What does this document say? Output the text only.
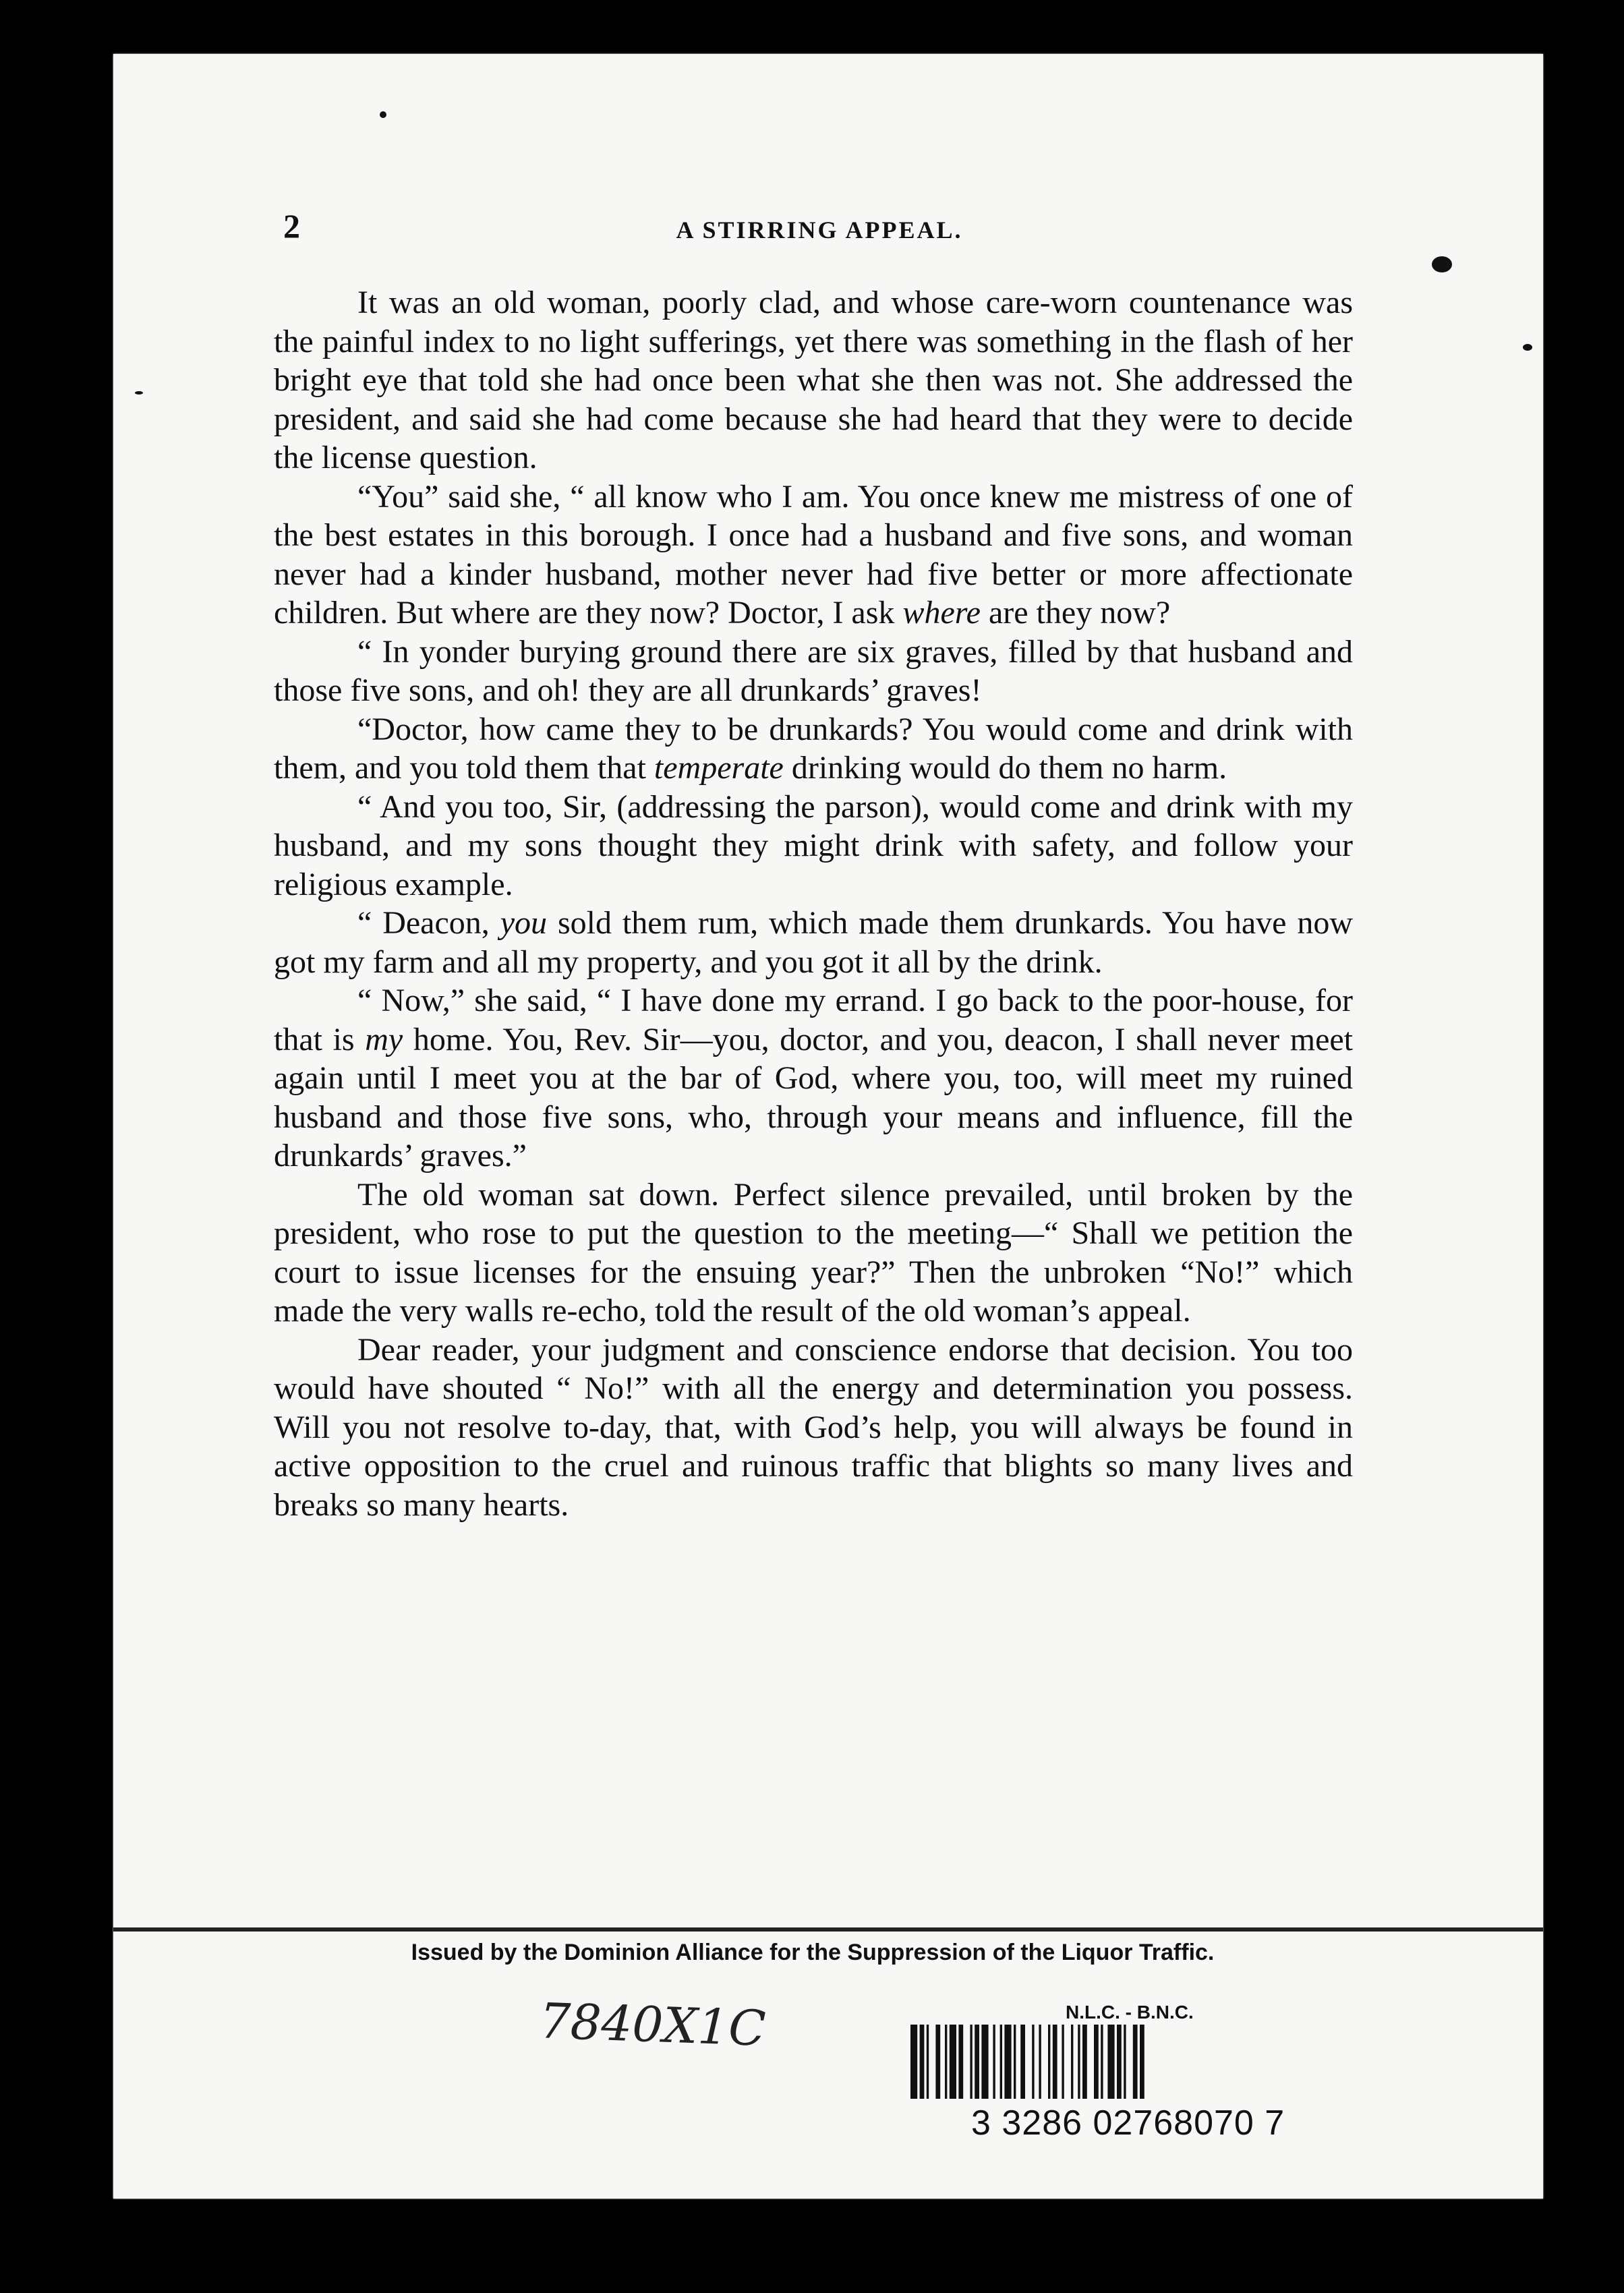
2	A STIRRING APPEAL.

It was an old woman, poorly clad, and whose care-worn countenance was the painful index to no light sufferings, yet there was something in the flash of her bright eye that told she had once been what she then was not. She addressed the president, and said she had come because she had heard that they were to decide the license question.

“You” said she, “ all know who I am. You once knew me mistress of one of the best estates in this borough. I once had a husband and five sons, and woman never had a kinder husband, mother never had five better or more affectionate children. But where are they now? Doctor, I ask where are they now?

“ In yonder burying ground there are six graves, filled by that husband and those five sons, and oh! they are all drunkards’ graves!

“Doctor, how came they to be drunkards? You would come and drink with them, and you told them that temperate drinking would do them no harm.

“ And you too, Sir, (addressing the parson), would come and drink with my husband, and my sons thought they might drink with safety, and follow your religious example.

“ Deacon, you sold them rum, which made them drunkards. You have now got my farm and all my property, and you got it all by the drink.

“ Now,” she said, “ I have done my errand. I go back to the poor-house, for that is my home. You, Rev. Sir—you, doctor, and you, deacon, I shall never meet again until I meet you at the bar of God, where you, too, will meet my ruined husband and those five sons, who, through your means and influence, fill the drunkards’ graves.”

The old woman sat down. Perfect silence prevailed, until broken by the president, who rose to put the question to the meeting—“ Shall we petition the court to issue licenses for the ensuing year?” Then the unbroken “No!” which made the very walls re-echo, told the result of the old woman’s appeal.

Dear reader, your judgment and conscience endorse that decision. You too would have shouted “ No!” with all the energy and determination you possess. Will you not resolve to-day, that, with God’s help, you will always be found in active opposition to the cruel and ruinous traffic that blights so many lives and breaks so many hearts.

Issued by the Dominion Alliance for the Suppression of the Liquor Traffic.
7840X1C	N.L.C. - B.N.C.
3 3286 02768070 7
